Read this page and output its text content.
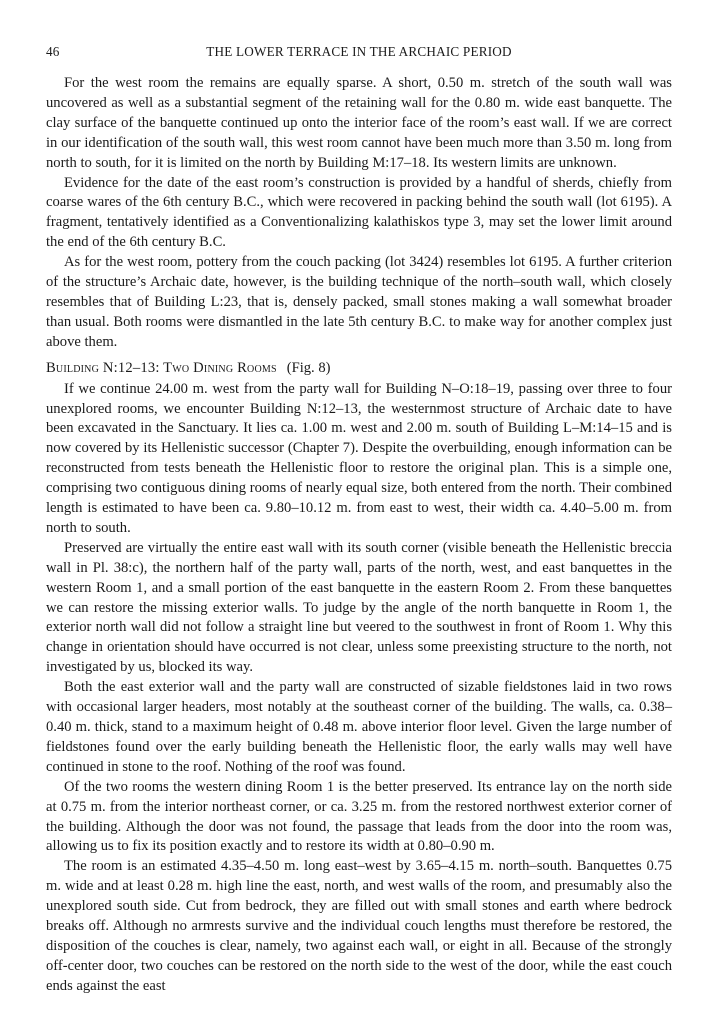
46	THE LOWER TERRACE IN THE ARCHAIC PERIOD

For the west room the remains are equally sparse. A short, 0.50 m. stretch of the south wall was uncovered as well as a substantial segment of the retaining wall for the 0.80 m. wide east banquette. The clay surface of the banquette continued up onto the interior face of the room’s east wall. If we are correct in our identification of the south wall, this west room cannot have been much more than 3.50 m. long from north to south, for it is limited on the north by Building M:17–18. Its western limits are unknown.

Evidence for the date of the east room’s construction is provided by a handful of sherds, chiefly from coarse wares of the 6th century B.C., which were recovered in packing behind the south wall (lot 6195). A fragment, tentatively identified as a Conventionalizing kalathiskos type 3, may set the lower limit around the end of the 6th century B.C.

As for the west room, pottery from the couch packing (lot 3424) resembles lot 6195. A further criterion of the structure’s Archaic date, however, is the building technique of the north–south wall, which closely resembles that of Building L:23, that is, densely packed, small stones making a wall somewhat broader than usual. Both rooms were dismantled in the late 5th century B.C. to make way for another complex just above them.

Building N:12–13: Two Dining Rooms (Fig. 8)

If we continue 24.00 m. west from the party wall for Building N–O:18–19, passing over three to four unexplored rooms, we encounter Building N:12–13, the westernmost structure of Archaic date to have been excavated in the Sanctuary. It lies ca. 1.00 m. west and 2.00 m. south of Building L–M:14–15 and is now covered by its Hellenistic successor (Chapter 7). Despite the overbuilding, enough information can be reconstructed from tests beneath the Hellenistic floor to restore the original plan. This is a simple one, comprising two contiguous dining rooms of nearly equal size, both entered from the north. Their combined length is estimated to have been ca. 9.80–10.12 m. from east to west, their width ca. 4.40–5.00 m. from north to south.

Preserved are virtually the entire east wall with its south corner (visible beneath the Hellenistic breccia wall in Pl. 38:c), the northern half of the party wall, parts of the north, west, and east banquettes in the western Room 1, and a small portion of the east banquette in the eastern Room 2. From these banquettes we can restore the missing exterior walls. To judge by the angle of the north banquette in Room 1, the exterior north wall did not follow a straight line but veered to the southwest in front of Room 1. Why this change in orientation should have occurred is not clear, unless some preexisting structure to the north, not investigated by us, blocked its way.

Both the east exterior wall and the party wall are constructed of sizable fieldstones laid in two rows with occasional larger headers, most notably at the southeast corner of the building. The walls, ca. 0.38–0.40 m. thick, stand to a maximum height of 0.48 m. above interior floor level. Given the large number of fieldstones found over the early building beneath the Hellenistic floor, the early walls may well have continued in stone to the roof. Nothing of the roof was found.

Of the two rooms the western dining Room 1 is the better preserved. Its entrance lay on the north side at 0.75 m. from the interior northeast corner, or ca. 3.25 m. from the restored northwest exterior corner of the building. Although the door was not found, the passage that leads from the door into the room was, allowing us to fix its position exactly and to restore its width at 0.80–0.90 m.

The room is an estimated 4.35–4.50 m. long east–west by 3.65–4.15 m. north–south. Banquettes 0.75 m. wide and at least 0.28 m. high line the east, north, and west walls of the room, and presumably also the unexplored south side. Cut from bedrock, they are filled out with small stones and earth where bedrock breaks off. Although no armrests survive and the individual couch lengths must therefore be restored, the disposition of the couches is clear, namely, two against each wall, or eight in all. Because of the strongly off-center door, two couches can be restored on the north side to the west of the door, while the east couch ends against the east
